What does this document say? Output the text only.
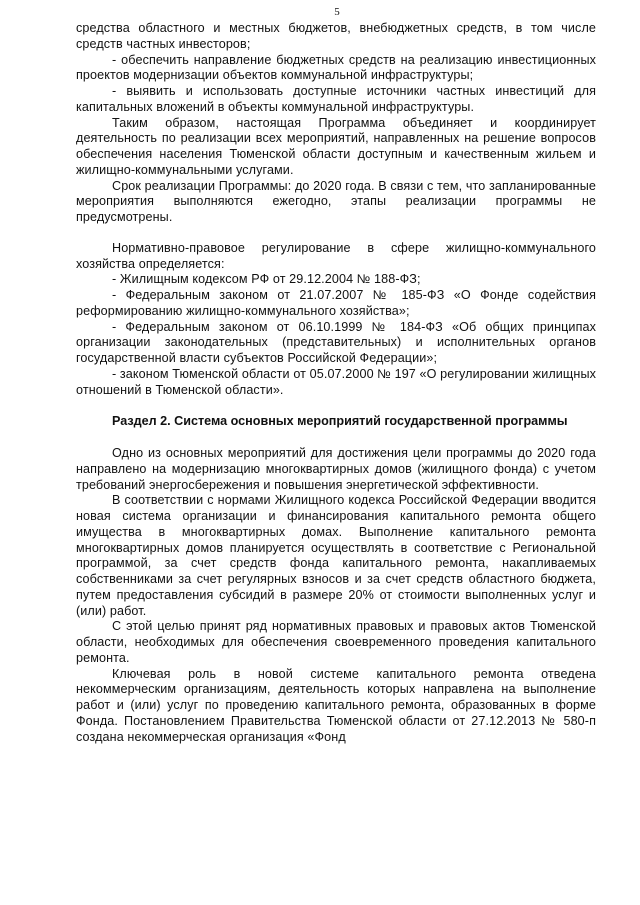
5

средства областного и местных бюджетов, внебюджетных средств, в том числе средств частных инвесторов;

- обеспечить направление бюджетных средств на реализацию инвестиционных проектов модернизации объектов коммунальной инфраструктуры;

- выявить и использовать доступные источники частных инвестиций для капитальных вложений в объекты коммунальной инфраструктуры.

Таким образом, настоящая Программа объединяет и координирует деятельность по реализации всех мероприятий, направленных на решение вопросов обеспечения населения Тюменской области доступным и качественным жильем и жилищно-коммунальными услугами.

Срок реализации Программы: до 2020 года. В связи с тем, что запланированные мероприятия выполняются ежегодно, этапы реализации программы не предусмотрены.

Нормативно-правовое регулирование в сфере жилищно-коммунального хозяйства определяется:

- Жилищным кодексом РФ от 29.12.2004 № 188-ФЗ;

- Федеральным законом от 21.07.2007 № 185-ФЗ «О Фонде содействия реформированию жилищно-коммунального хозяйства»;

- Федеральным законом от 06.10.1999 № 184-ФЗ «Об общих принципах организации законодательных (представительных) и исполнительных органов государственной власти субъектов Российской Федерации»;

- законом Тюменской области от 05.07.2000 № 197 «О регулировании жилищных отношений в Тюменской области».

Раздел 2. Система основных мероприятий государственной программы

Одно из основных мероприятий для достижения цели программы до 2020 года направлено на модернизацию многоквартирных домов (жилищного фонда) с учетом требований энергосбережения и повышения энергетической эффективности.

В соответствии с нормами Жилищного кодекса Российской Федерации вводится новая система организации и финансирования капитального ремонта общего имущества в многоквартирных домах. Выполнение капитального ремонта многоквартирных домов планируется осуществлять в соответствие с Региональной программой, за счет средств фонда капитального ремонта, накапливаемых собственниками за счет регулярных взносов и за счет средств областного бюджета, путем предоставления субсидий в размере 20% от стоимости выполненных услуг и (или) работ.

С этой целью принят ряд нормативных правовых и правовых актов Тюменской области, необходимых для обеспечения своевременного проведения капитального ремонта.

Ключевая роль в новой системе капитального ремонта отведена некоммерческим организациям, деятельность которых направлена на выполнение работ и (или) услуг по проведению капитального ремонта, образованных в форме Фонда. Постановлением Правительства Тюменской области от 27.12.2013 № 580-п создана некоммерческая организация «Фонд
